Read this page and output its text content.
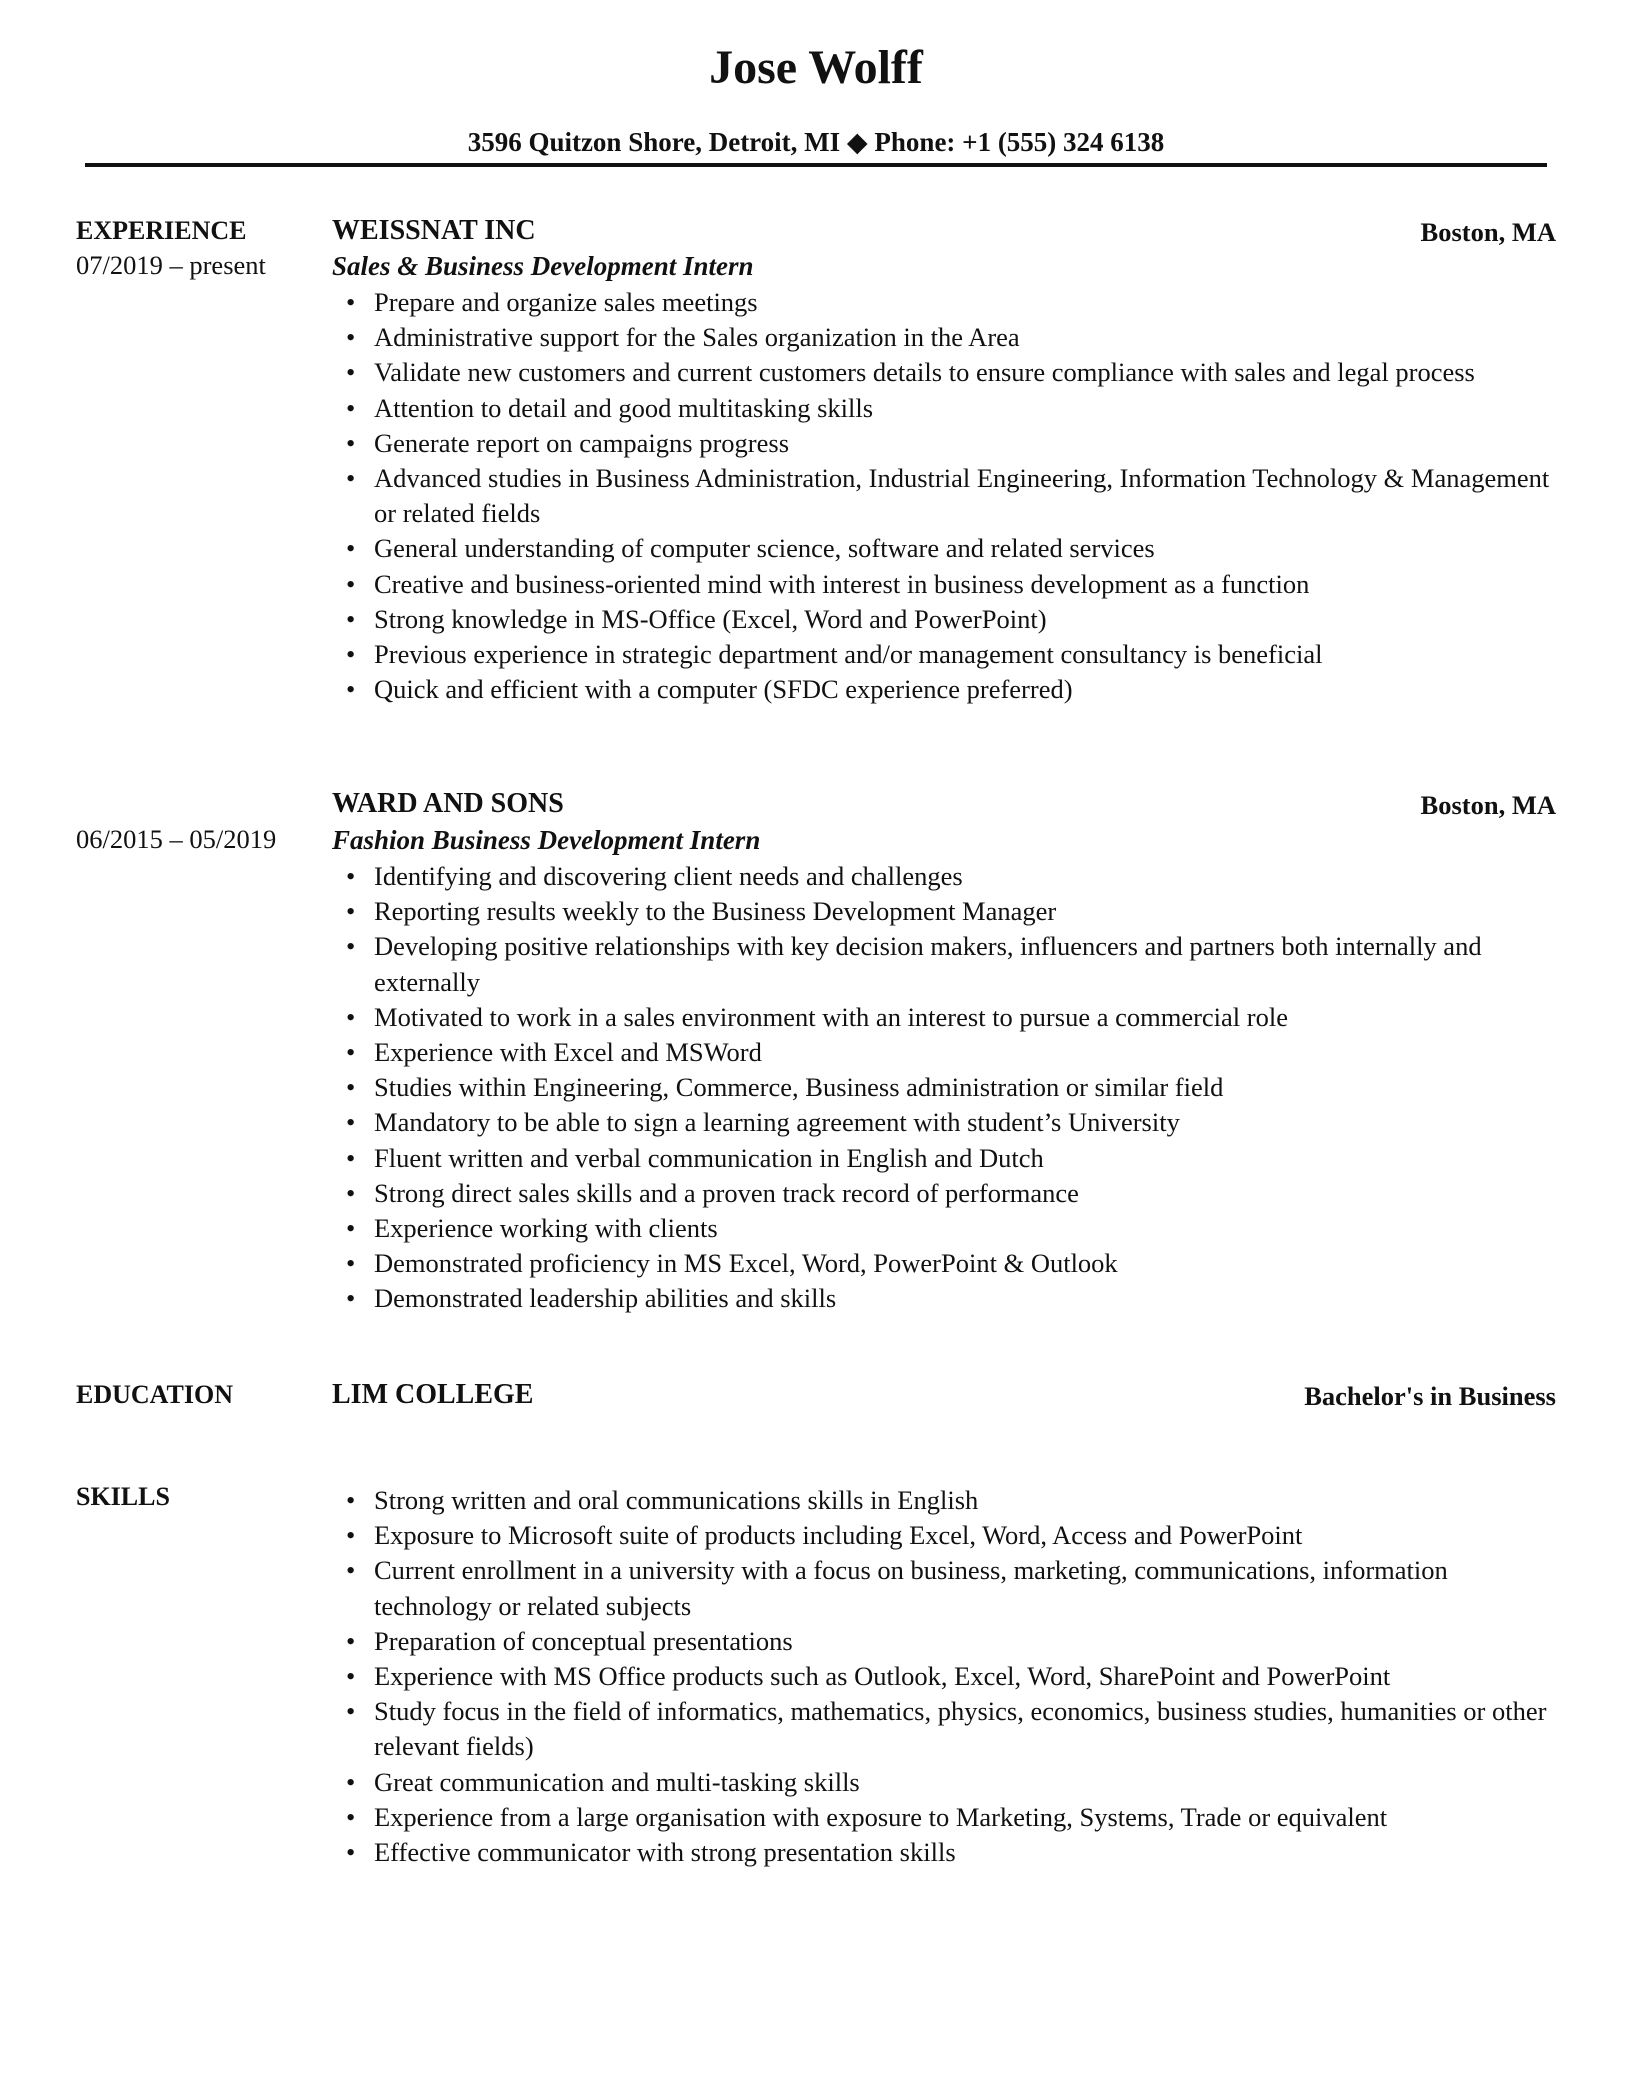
Jose Wolff
3596 Quitzon Shore, Detroit, MI ◆ Phone: +1 (555) 324 6138
EXPERIENCE
07/2019 – present
WEISSNAT INC	Boston, MA
Sales & Business Development Intern
• Prepare and organize sales meetings
• Administrative support for the Sales organization in the Area
• Validate new customers and current customers details to ensure compliance with sales and legal process
• Attention to detail and good multitasking skills
• Generate report on campaigns progress
• Advanced studies in Business Administration, Industrial Engineering, Information Technology & Management or related fields
• General understanding of computer science, software and related services
• Creative and business-oriented mind with interest in business development as a function
• Strong knowledge in MS-Office (Excel, Word and PowerPoint)
• Previous experience in strategic department and/or management consultancy is beneficial
• Quick and efficient with a computer (SFDC experience preferred)
06/2015 – 05/2019
WARD AND SONS	Boston, MA
Fashion Business Development Intern
• Identifying and discovering client needs and challenges
• Reporting results weekly to the Business Development Manager
• Developing positive relationships with key decision makers, influencers and partners both internally and externally
• Motivated to work in a sales environment with an interest to pursue a commercial role
• Experience with Excel and MSWord
• Studies within Engineering, Commerce, Business administration or similar field
• Mandatory to be able to sign a learning agreement with student’s University
• Fluent written and verbal communication in English and Dutch
• Strong direct sales skills and a proven track record of performance
• Experience working with clients
• Demonstrated proficiency in MS Excel, Word, PowerPoint & Outlook
• Demonstrated leadership abilities and skills
EDUCATION	LIM COLLEGE	Bachelor's in Business
SKILLS	• Strong written and oral communications skills in English
• Exposure to Microsoft suite of products including Excel, Word, Access and PowerPoint
• Current enrollment in a university with a focus on business, marketing, communications, information technology or related subjects
• Preparation of conceptual presentations
• Experience with MS Office products such as Outlook, Excel, Word, SharePoint and PowerPoint
• Study focus in the field of informatics, mathematics, physics, economics, business studies, humanities or other relevant fields)
• Great communication and multi-tasking skills
• Experience from a large organisation with exposure to Marketing, Systems, Trade or equivalent
• Effective communicator with strong presentation skills
